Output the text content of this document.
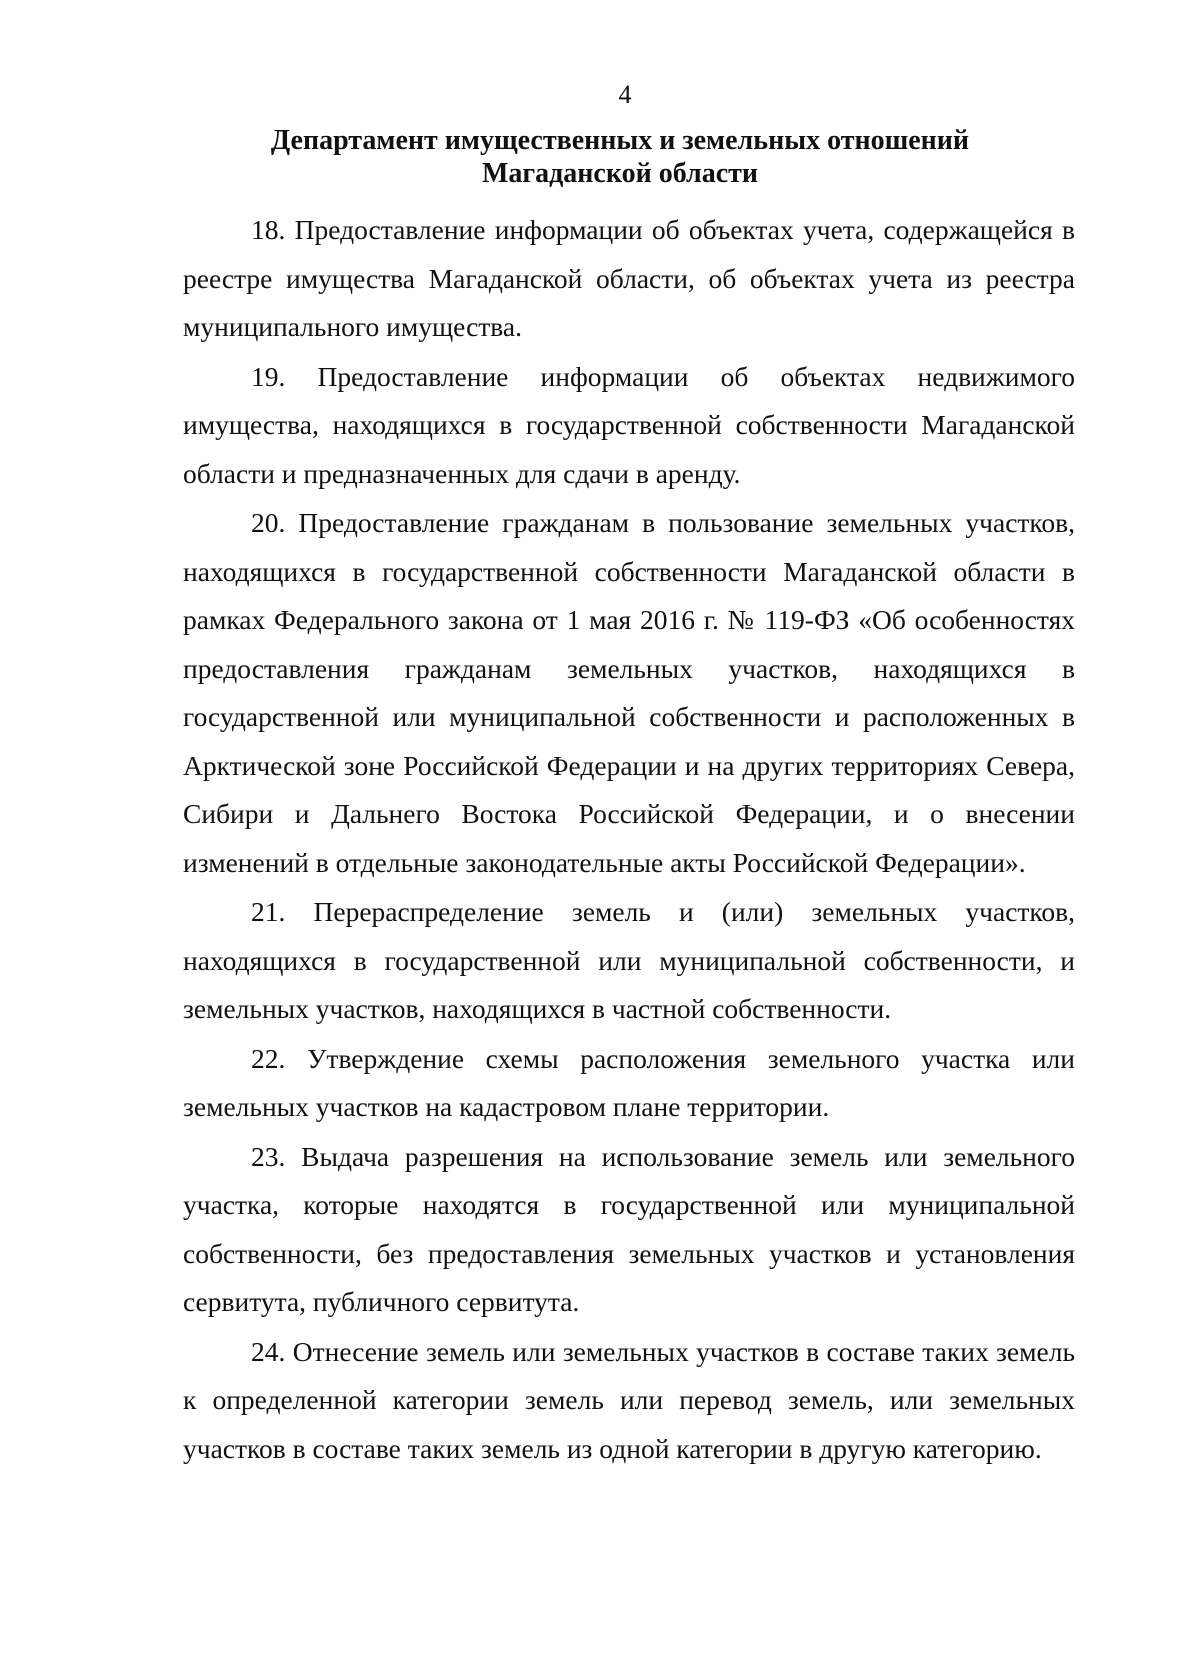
4
Департамент имущественных и земельных отношений
Магаданской области

18. Предоставление информации об объектах учета, содержащейся в реестре имущества Магаданской области, об объектах учета из реестра муниципального имущества.

19. Предоставление информации об объектах недвижимого имущества, находящихся в государственной собственности Магаданской области и предназначенных для сдачи в аренду.

20. Предоставление гражданам в пользование земельных участков, находящихся в государственной собственности Магаданской области в рамках Федерального закона от 1 мая 2016 г. № 119-ФЗ «Об особенностях предоставления гражданам земельных участков, находящихся в государственной или муниципальной собственности и расположенных в Арктической зоне Российской Федерации и на других территориях Севера, Сибири и Дальнего Востока Российской Федерации, и о внесении изменений в отдельные законодательные акты Российской Федерации».

21. Перераспределение земель и (или) земельных участков, находящихся в государственной или муниципальной собственности, и земельных участков, находящихся в частной собственности.

22. Утверждение схемы расположения земельного участка или земельных участков на кадастровом плане территории.

23. Выдача разрешения на использование земель или земельного участка, которые находятся в государственной или муниципальной собственности, без предоставления земельных участков и установления сервитута, публичного сервитута.

24. Отнесение земель или земельных участков в составе таких земель к определенной категории земель или перевод земель, или земельных участков в составе таких земель из одной категории в другую категорию.
